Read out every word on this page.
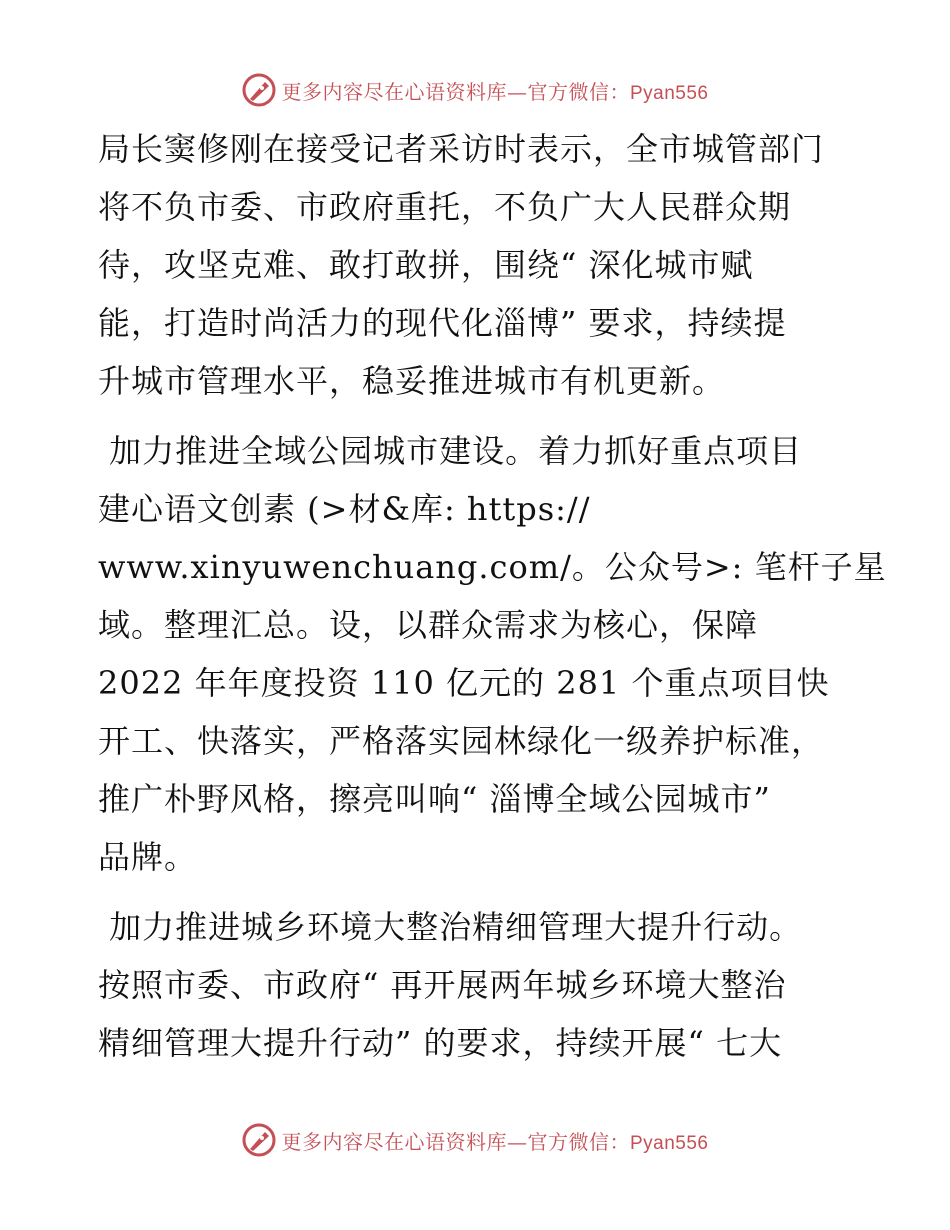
更多内容尽在心语资料库—官方微信：Pyan556

局长窦修刚在接受记者采访时表示，全市城管部门
将不负市委、市政府重托，不负广大人民群众期
待，攻坚克难、敢打敢拼，围绕“ 深化城市赋
能，打造时尚活力的现代化淄博” 要求，持续提
升城市管理水平，稳妥推进城市有机更新。

加力推进全域公园城市建设。着力抓好重点项目
建心语文创素 (>材&库: https://
www.xinyuwenchuang.com/。公众号>: 笔杆子星
域。整理汇总。设，以群众需求为核心，保障
2022 年年度投资 110 亿元的 281 个重点项目快
开工、快落实，严格落实园林绿化一级养护标准，
推广朴野风格，擦亮叫响“ 淄博全域公园城市”
品牌。

加力推进城乡环境大整治精细管理大提升行动。
按照市委、市政府“ 再开展两年城乡环境大整治
精细管理大提升行动” 的要求，持续开展“ 七大

更多内容尽在心语资料库—官方微信：Pyan556
